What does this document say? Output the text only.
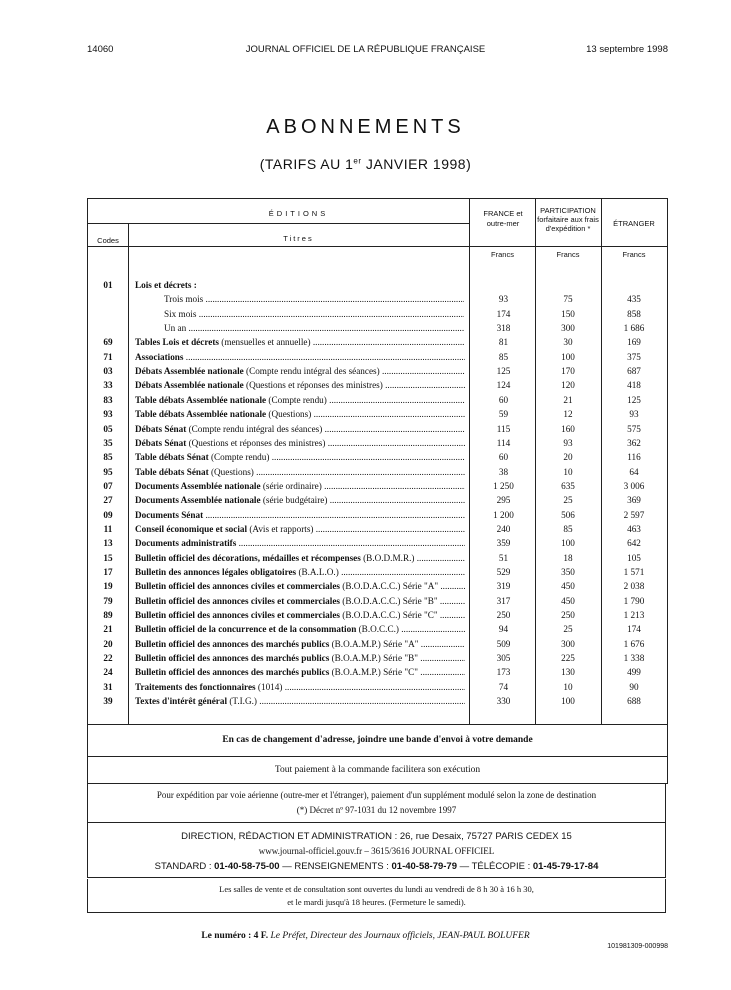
14060	JOURNAL OFFICIEL DE LA RÉPUBLIQUE FRANÇAISE	13 septembre 1998
ABONNEMENTS
(TARIFS AU 1er JANVIER 1998)
ÉDITIONS
Codes	Titres
FRANCE et outre-mer
PARTICIPATION forfaitaire aux frais d'expédition *
ÉTRANGER
Francs	Francs	Francs
01	Lois et décrets :
Trois mois .....	93	75	435
Six mois .....	174	150	858
Un an .....	318	300	1 686
69	Tables Lois et décrets (mensuelles et annuelle) .....	81	30	169
71	Associations .....	85	100	375
03	Débats Assemblée nationale (Compte rendu intégral des séances) .....	125	170	687
33	Débats Assemblée nationale (Questions et réponses des ministres) .....	124	120	418
83	Table débats Assemblée nationale (Compte rendu) .....	60	21	125
93	Table débats Assemblée nationale (Questions) .....	59	12	93
05	Débats Sénat (Compte rendu intégral des séances) .....	115	160	575
35	Débats Sénat (Questions et réponses des ministres) .....	114	93	362
85	Table débats Sénat (Compte rendu) .....	60	20	116
95	Table débats Sénat (Questions) .....	38	10	64
07	Documents Assemblée nationale (série ordinaire) .....	1 250	635	3 006
27	Documents Assemblée nationale (série budgétaire) .....	295	25	369
09	Documents Sénat .....	1 200	506	2 597
11	Conseil économique et social (Avis et rapports) .....	240	85	463
13	Documents administratifs .....	359	100	642
15	Bulletin officiel des décorations, médailles et récompenses (B.O.D.M.R.) .....	51	18	105
17	Bulletin des annonces légales obligatoires (B.A.L.O.) .....	529	350	1 571
19	Bulletin officiel des annonces civiles et commerciales (B.O.D.A.C.C.) Série "A" .....	319	450	2 038
79	Bulletin officiel des annonces civiles et commerciales (B.O.D.A.C.C.) Série "B" .....	317	450	1 790
89	Bulletin officiel des annonces civiles et commerciales (B.O.D.A.C.C.) Série "C" .....	250	250	1 213
21	Bulletin officiel de la concurrence et de la consommation (B.O.C.C.) .....	94	25	174
20	Bulletin officiel des annonces des marchés publics (B.O.A.M.P.) Série "A" .....	509	300	1 676
22	Bulletin officiel des annonces des marchés publics (B.O.A.M.P.) Série "B" .....	305	225	1 338
24	Bulletin officiel des annonces des marchés publics (B.O.A.M.P.) Série "C" .....	173	130	499
31	Traitements des fonctionnaires (1014) .....	74	10	90
39	Textes d'intérêt général (T.I.G.) .....	330	100	688
En cas de changement d'adresse, joindre une bande d'envoi à votre demande
Tout paiement à la commande facilitera son exécution
Pour expédition par voie aérienne (outre-mer et l'étranger), paiement d'un supplément modulé selon la zone de destination
(*) Décret nº 97-1031 du 12 novembre 1997
DIRECTION, RÉDACTION ET ADMINISTRATION : 26, rue Desaix, 75727 PARIS CEDEX 15
www.journal-officiel.gouv.fr – 3615/3616 JOURNAL OFFICIEL
STANDARD : 01-40-58-75-00 — RENSEIGNEMENTS : 01-40-58-79-79 — TÉLÉCOPIE : 01-45-79-17-84
Les salles de vente et de consultation sont ouvertes du lundi au vendredi de 8 h 30 à 16 h 30,
et le mardi jusqu'à 18 heures. (Fermeture le samedi).
Le numéro : 4 F. Le Préfet, Directeur des Journaux officiels, JEAN-PAUL BOLUFER
101981309-000998
